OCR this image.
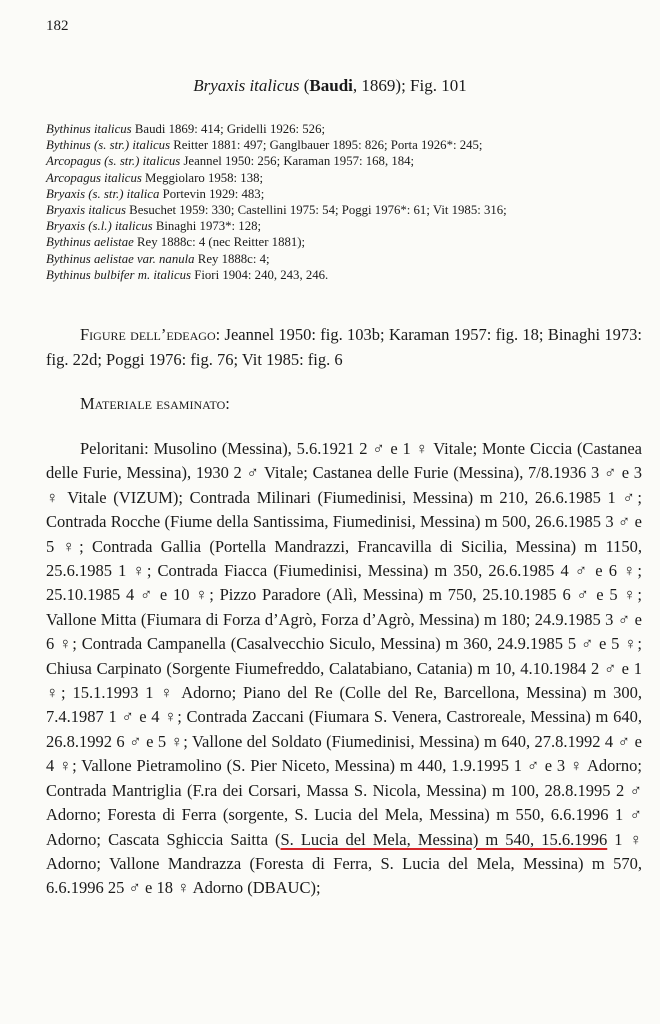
182
Bryaxis italicus (Baudi, 1869); Fig. 101
Bythinus italicus Baudi 1869: 414; Gridelli 1926: 526;
Bythinus (s. str.) italicus Reitter 1881: 497; Ganglbauer 1895: 826; Porta 1926*: 245;
Arcopagus (s. str.) italicus Jeannel 1950: 256; Karaman 1957: 168, 184;
Arcopagus italicus Meggiolaro 1958: 138;
Bryaxis (s. str.) italica Portevin 1929: 483;
Bryaxis italicus Besuchet 1959: 330; Castellini 1975: 54; Poggi 1976*: 61; Vit 1985: 316;
Bryaxis (s.l.) italicus Binaghi 1973*: 128;
Bythinus aelistae Rey 1888c: 4 (nec Reitter 1881);
Bythinus aelistae var. nanula Rey 1888c: 4;
Bythinus bulbifer m. italicus Fiori 1904: 240, 243, 246.
Figure dell’edeago: Jeannel 1950: fig. 103b; Karaman 1957: fig. 18; Binaghi 1973: fig. 22d; Poggi 1976: fig. 76; Vit 1985: fig. 6
Materiale esaminato:
Peloritani: Musolino (Messina), 5.6.1921 2 ♂ e 1 ♀ Vitale; Monte Ciccia (Castanea delle Furie, Messina), 1930 2 ♂ Vitale; Castanea delle Furie (Messina), 7/8.1936 3 ♂ e 3 ♀ Vitale (VIZUM); Contrada Milinari (Fiumedinisi, Messina) m 210, 26.6.1985 1 ♂; Contrada Rocche (Fiume della Santissima, Fiumedinisi, Messina) m 500, 26.6.1985 3 ♂ e 5 ♀; Contrada Gallia (Portella Mandrazzi, Francavilla di Sicilia, Messina) m 1150, 25.6.1985 1 ♀; Contrada Fiacca (Fiumedinisi, Messina) m 350, 26.6.1985 4 ♂ e 6 ♀; 25.10.1985 4 ♂ e 10 ♀; Pizzo Paradore (Alì, Messina) m 750, 25.10.1985 6 ♂ e 5 ♀; Vallone Mitta (Fiumara di Forza d’Agrò, Forza d’Agrò, Messina) m 180; 24.9.1985 3 ♂ e 6 ♀; Contrada Campanella (Casalvecchio Siculo, Messina) m 360, 24.9.1985 5 ♂ e 5 ♀; Chiusa Carpinato (Sorgente Fiumefreddo, Calatabiano, Catania) m 10, 4.10.1984 2 ♂ e 1 ♀; 15.1.1993 1 ♀ Adorno; Piano del Re (Colle del Re, Barcellona, Messina) m 300, 7.4.1987 1 ♂ e 4 ♀; Contrada Zaccani (Fiumara S. Venera, Castroreale, Messina) m 640, 26.8.1992 6 ♂ e 5 ♀; Vallone del Soldato (Fiumedinisi, Messina) m 640, 27.8.1992 4 ♂ e 4 ♀; Vallone Pietramolino (S. Pier Niceto, Messina) m 440, 1.9.1995 1 ♂ e 3 ♀ Adorno; Contrada Mantriglia (F.ra dei Corsari, Massa S. Nicola, Messina) m 100, 28.8.1995 2 ♂ Adorno; Foresta di Ferra (sorgente, S. Lucia del Mela, Messina) m 550, 6.6.1996 1 ♂ Adorno; Cascata Sghiccia Saitta (S. Lucia del Mela, Messina) m 540, 15.6.1996 1 ♀ Adorno; Vallone Mandrazza (Foresta di Ferra, S. Lucia del Mela, Messina) m 570, 6.6.1996 25 ♂ e 18 ♀ Adorno (DBAUC);
